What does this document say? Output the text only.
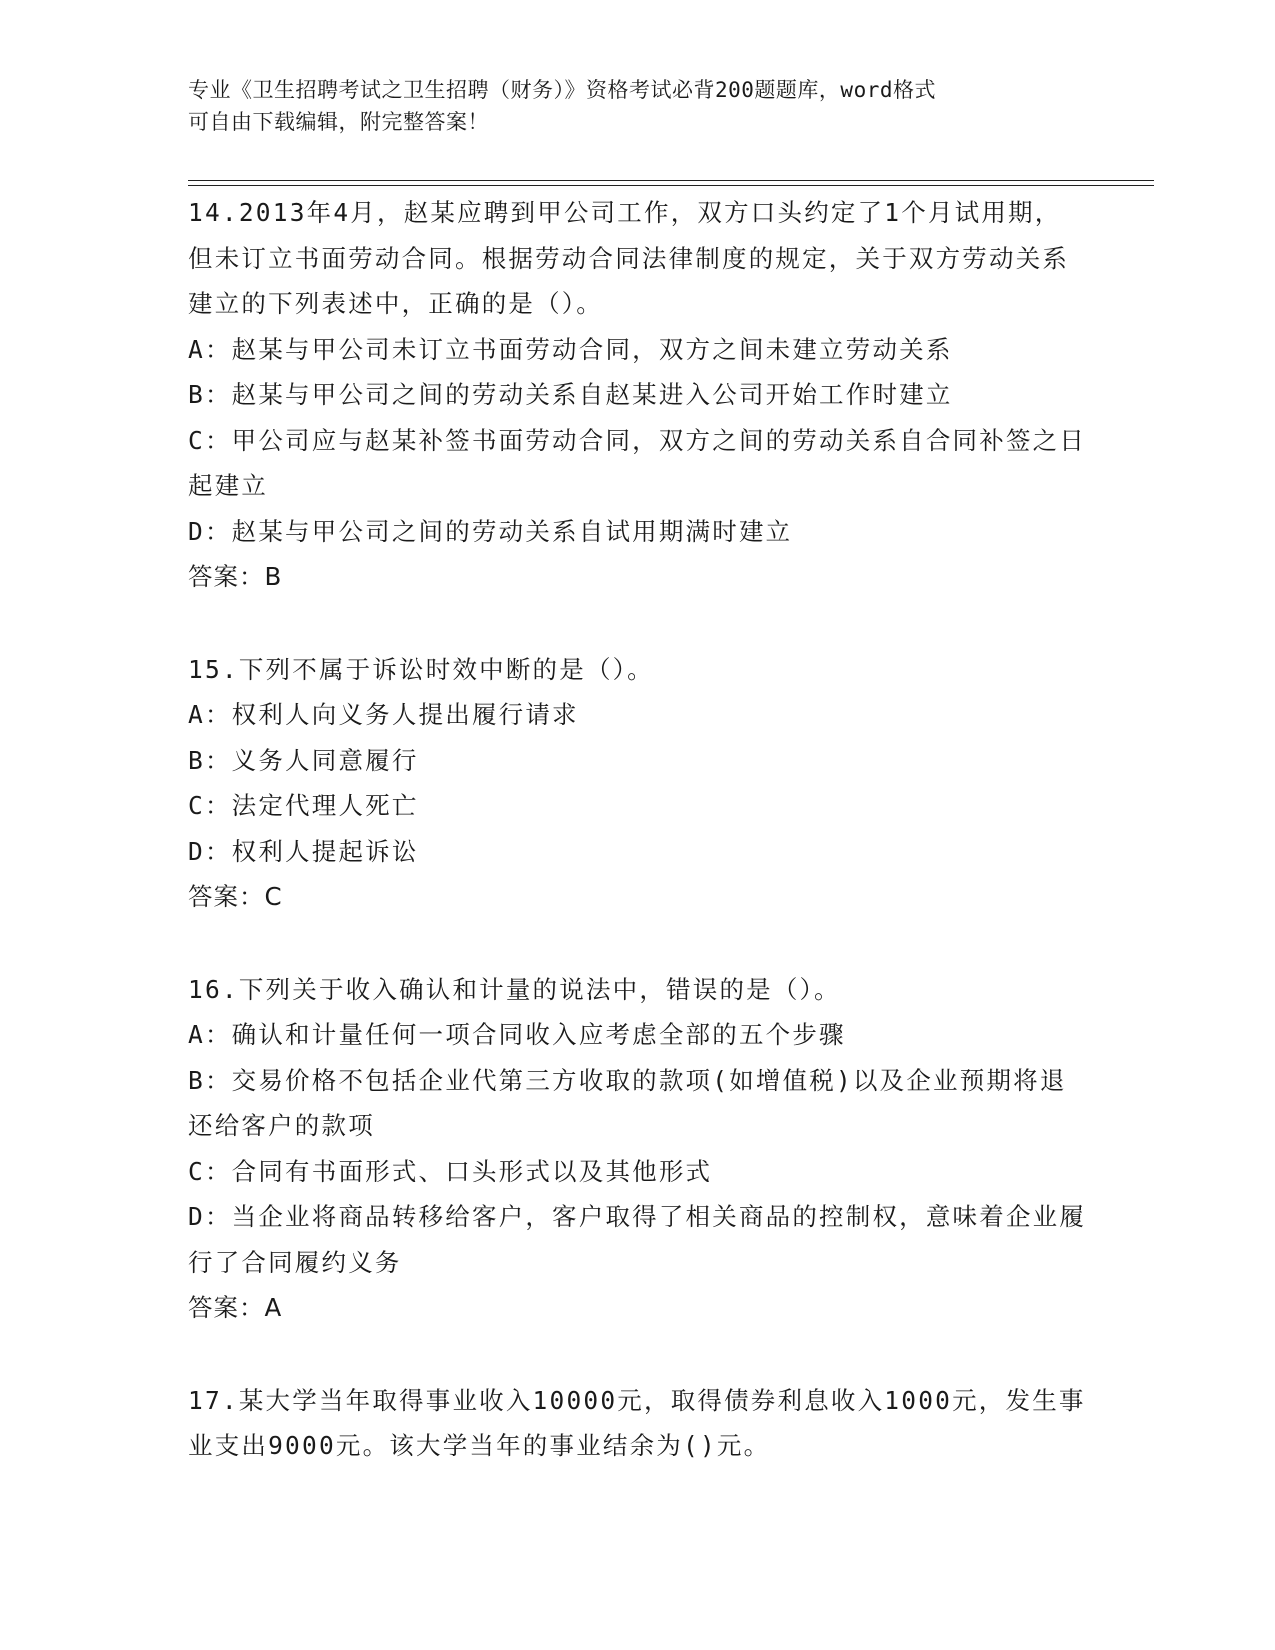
专业《卫生招聘考试之卫生招聘（财务）》资格考试必背200题题库，word格式
可自由下载编辑，附完整答案！
14.2013年4月，赵某应聘到甲公司工作，双方口头约定了1个月试用期，但未订立书面劳动合同。根据劳动合同法律制度的规定，关于双方劳动关系建立的下列表述中，正确的是（）。
A：赵某与甲公司未订立书面劳动合同，双方之间未建立劳动关系
B：赵某与甲公司之间的劳动关系自赵某进入公司开始工作时建立
C：甲公司应与赵某补签书面劳动合同，双方之间的劳动关系自合同补签之日起建立
D：赵某与甲公司之间的劳动关系自试用期满时建立
答案：B
15.下列不属于诉讼时效中断的是（）。
A：权利人向义务人提出履行请求
B：义务人同意履行
C：法定代理人死亡
D：权利人提起诉讼
答案：C
16.下列关于收入确认和计量的说法中，错误的是（）。
A：确认和计量任何一项合同收入应考虑全部的五个步骤
B：交易价格不包括企业代第三方收取的款项(如增值税)以及企业预期将退还给客户的款项
C：合同有书面形式、口头形式以及其他形式
D：当企业将商品转移给客户，客户取得了相关商品的控制权，意味着企业履行了合同履约义务
答案：A
17.某大学当年取得事业收入10000元，取得债券利息收入1000元，发生事业支出9000元。该大学当年的事业结余为()元。
